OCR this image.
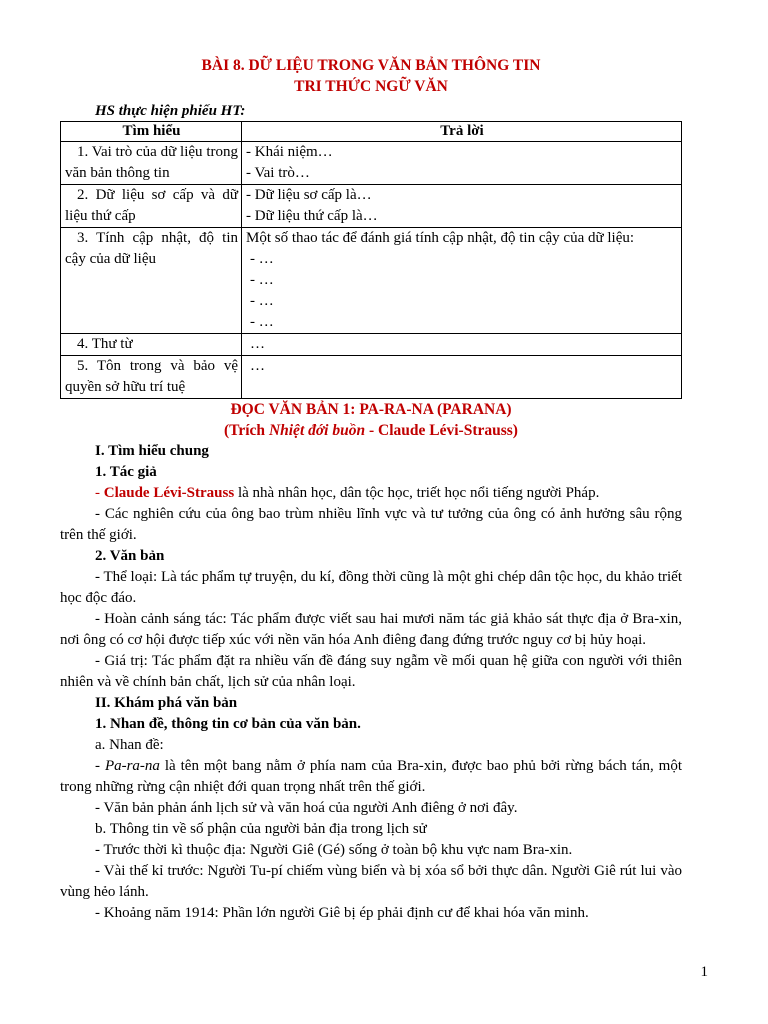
BÀI 8. DỮ LIỆU TRONG VĂN BẢN THÔNG TIN
TRI THỨC NGỮ VĂN
HS thực hiện phiếu HT:
Tìm hiểu	Trả lời
1. Vai trò của dữ liệu trong văn bản thông tin	- Khái niệm…
- Vai trò…

2. Dữ liệu sơ cấp và dữ liệu thứ cấp	- Dữ liệu sơ cấp là…
- Dữ liệu thứ cấp là…

3. Tính cập nhật, độ tin cậy của dữ liệu	Một số thao tác để đánh giá tính cập nhật, độ tin cậy của dữ liệu:
- …
- …
- …
- …

4. Thư từ	…

5. Tôn trong và bảo vệ quyền sở hữu trí tuệ	…
ĐỌC VĂN BẢN 1: PA-RA-NA (PARANA)
(Trích Nhiệt đới buồn - Claude Lévi-Strauss)
I. Tìm hiểu chung
1. Tác giả

- Claude Lévi-Strauss là nhà nhân học, dân tộc học, triết học nổi tiếng người Pháp.

- Các nghiên cứu của ông bao trùm nhiều lĩnh vực và tư tưởng của ông có ảnh hưởng sâu rộng trên thế giới.

2. Văn bản

- Thể loại: Là tác phẩm tự truyện, du kí, đồng thời cũng là một ghi chép dân tộc học, du khảo triết học độc đáo.

- Hoàn cảnh sáng tác: Tác phẩm được viết sau hai mươi năm tác giả khảo sát thực địa ở Bra-xin, nơi ông có cơ hội được tiếp xúc với nền văn hóa Anh điêng đang đứng trước nguy cơ bị hủy hoại.

- Giá trị: Tác phẩm đặt ra nhiều vấn đề đáng suy ngẫm về mối quan hệ giữa con người với thiên nhiên và về chính bản chất, lịch sử của nhân loại.

II. Khám phá văn bản
1. Nhan đề, thông tin cơ bản của văn bản.
a. Nhan đề:

- Pa-ra-na là tên một bang nằm ở phía nam của Bra-xin, được bao phủ bởi rừng bách tán, một trong những rừng cận nhiệt đới quan trọng nhất trên thế giới.

- Văn bản phản ánh lịch sử và văn hoá của người Anh điêng ở nơi đây.

b. Thông tin về số phận của người bản địa trong lịch sử

- Trước thời kì thuộc địa: Người Giê (Gé) sống ở toàn bộ khu vực nam Bra-xin.

- Vài thế kỉ trước: Người Tu-pí chiếm vùng biển và bị xóa sổ bởi thực dân. Người Giê rút lui vào vùng hẻo lánh.

- Khoảng năm 1914: Phần lớn người Giê bị ép phải định cư để khai hóa văn minh.

1
